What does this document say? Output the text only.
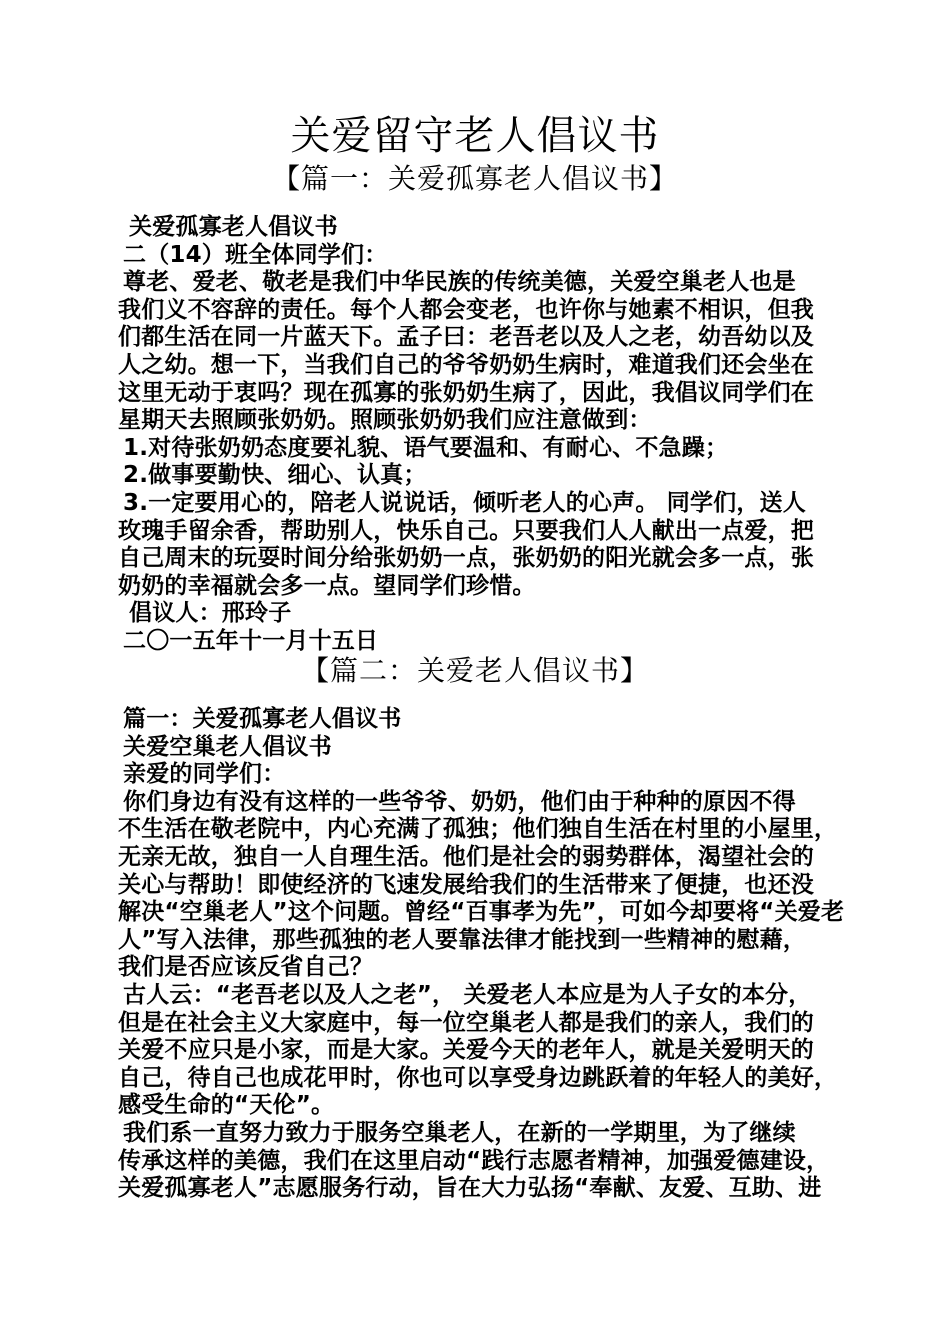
关爱留守老人倡议书
【篇一：关爱孤寡老人倡议书】
关爱孤寡老人倡议书
二（14）班全体同学们：
尊老、爱老、敬老是我们中华民族的传统美德，关爱空巢老人也是
我们义不容辞的责任。每个人都会变老，也许你与她素不相识，但我
们都生活在同一片蓝天下。孟子曰：老吾老以及人之老，幼吾幼以及
人之幼。想一下，当我们自己的爷爷奶奶生病时，难道我们还会坐在
这里无动于衷吗？现在孤寡的张奶奶生病了，因此，我倡议同学们在
星期天去照顾张奶奶。照顾张奶奶我们应注意做到：
1.对待张奶奶态度要礼貌、语气要温和、有耐心、不急躁；
2.做事要勤快、细心、认真；
3.一定要用心的，陪老人说说话，倾听老人的心声。 同学们，送人
玫瑰手留余香，帮助别人，快乐自己。只要我们人人献出一点爱，把
自己周末的玩耍时间分给张奶奶一点，张奶奶的阳光就会多一点，张
奶奶的幸福就会多一点。望同学们珍惜。
倡议人：邢玲子
二〇一五年十一月十五日
【篇二：关爱老人倡议书】
篇一：关爱孤寡老人倡议书
关爱空巢老人倡议书
亲爱的同学们：
你们身边有没有这样的一些爷爷、奶奶，他们由于种种的原因不得
不生活在敬老院中，内心充满了孤独；他们独自生活在村里的小屋里，
无亲无故，独自一人自理生活。他们是社会的弱势群体，渴望社会的
关心与帮助！即使经济的飞速发展给我们的生活带来了便捷，也还没
解决“空巢老人”这个问题。曾经“百事孝为先”，可如今却要将“关爱老
人”写入法律，那些孤独的老人要靠法律才能找到一些精神的慰藉，
我们是否应该反省自己？
古人云：“老吾老以及人之老”， 关爱老人本应是为人子女的本分，
但是在社会主义大家庭中，每一位空巢老人都是我们的亲人，我们的
关爱不应只是小家，而是大家。关爱今天的老年人，就是关爱明天的
自己，待自己也成花甲时，你也可以享受身边跳跃着的年轻人的美好，
感受生命的“天伦”。
我们系一直努力致力于服务空巢老人，在新的一学期里，为了继续
传承这样的美德，我们在这里启动“践行志愿者精神，加强爱德建设，
关爱孤寡老人”志愿服务行动，旨在大力弘扬“奉献、友爱、互助、进
